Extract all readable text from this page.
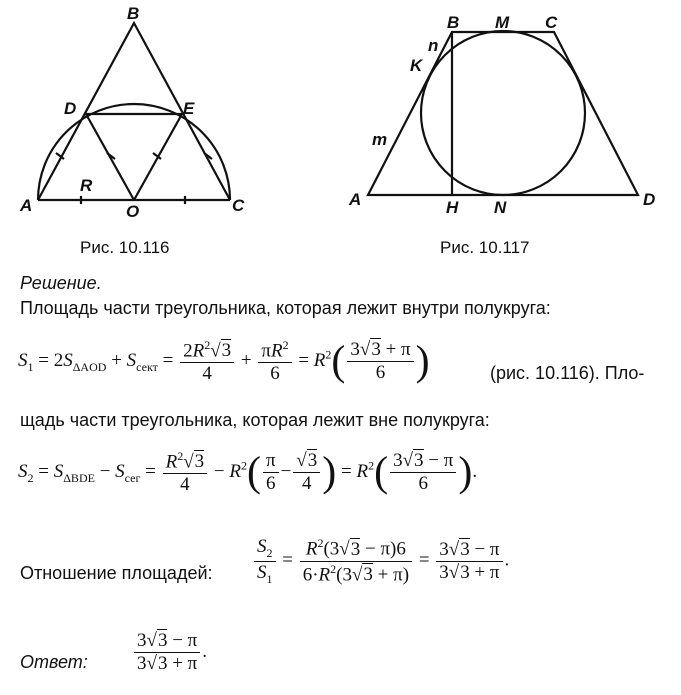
B
D	E
R
A	O	C
Рис. 10.116
B M C
n
K
m
A	H N	D
Рис. 10.117
Решение.
Площадь части треугольника, которая лежит внутри полукруга:
$S_1 = 2S_{\Delta AOD} + S_{сект} = \frac{2R^2√3}{4} + \frac{\pi R^2}{6} = R^2( \frac{3√3 + \pi}{6}$ )	(рис. 10.116). Пло-
щадь части треугольника, которая лежит вне полукруга:
$S_2 = S_{\Delta BDE} - S_{сег} = \frac{R^2√3}{4} - R^2( \frac{\pi}{6} - \frac{√3}{4}$ ) = $R^2( \frac{3√3 - \pi}{6}$ ).
Отношение площадей: $\frac{S_2}{S_1} = \frac{R^2(3√3 - \pi)6}{6\cdot R^2(3√3 + \pi)} = \frac{3√3 - \pi}{3√3 + \pi}$ .
Ответ: $\frac{3√3 - \pi}{3√3 + \pi}$ .
